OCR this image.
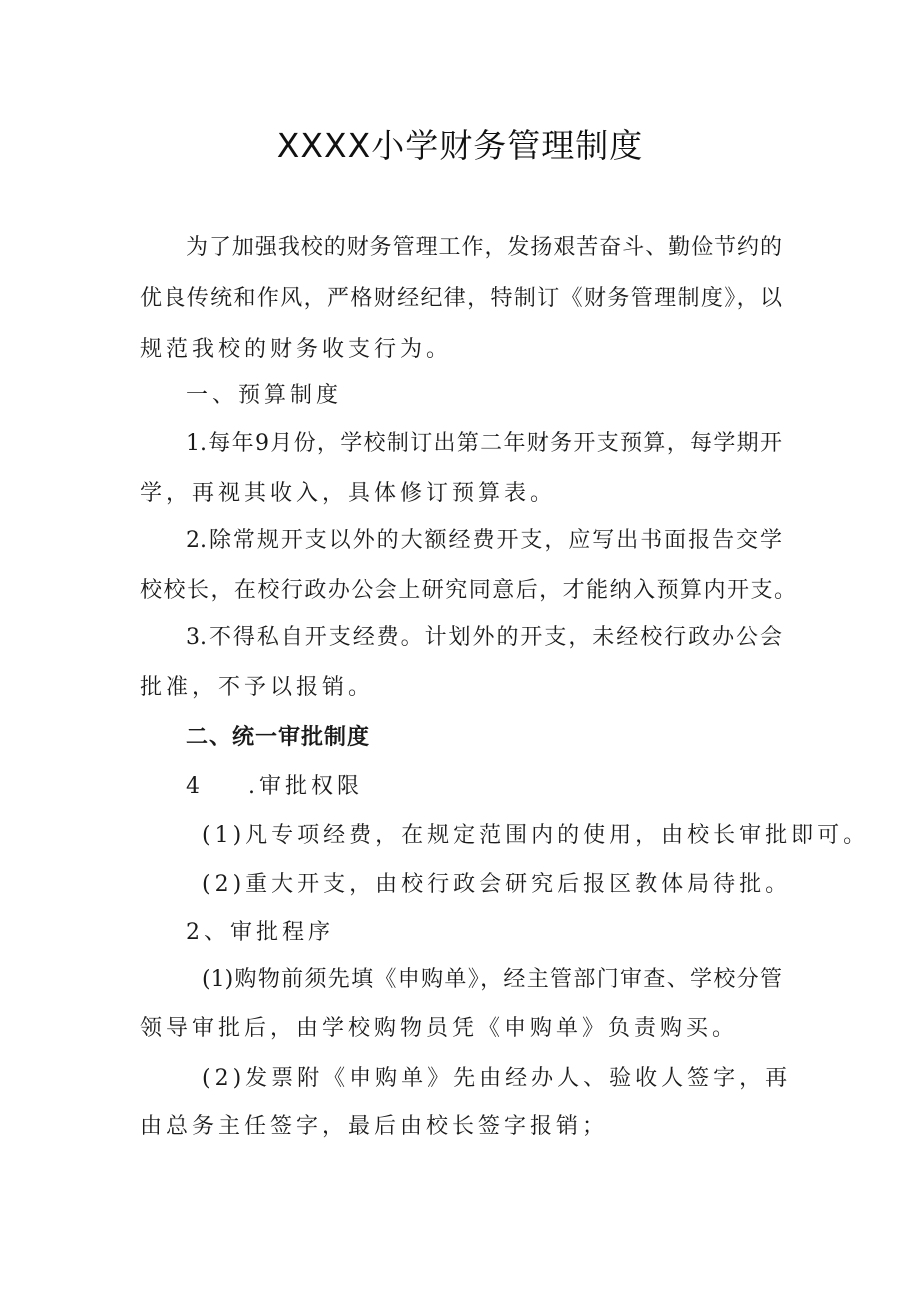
XXXX小学财务管理制度
为了加强我校的财务管理工作，发扬艰苦奋斗、勤俭节约的
优良传统和作风，严格财经纪律，特制订《财务管理制度》，以
规范我校的财务收支行为。
一、预算制度
1.每年9月份，学校制订出第二年财务开支预算，每学期开
学，再视其收入，具体修订预算表。
2.除常规开支以外的大额经费开支，应写出书面报告交学
校校长，在校行政办公会上研究同意后，才能纳入预算内开支。
3.不得私自开支经费。计划外的开支，未经校行政办公会
批准，不予以报销。
二、统一审批制度
4    .审批权限
(1)凡专项经费，在规定范围内的使用，由校长审批即可。
(2)重大开支，由校行政会研究后报区教体局待批。
2、审批程序
(1)购物前须先填《申购单》，经主管部门审查、学校分管
领导审批后，由学校购物员凭《申购单》负责购买。
(2)发票附《申购单》先由经办人、验收人签字，再
由总务主任签字，最后由校长签字报销；
